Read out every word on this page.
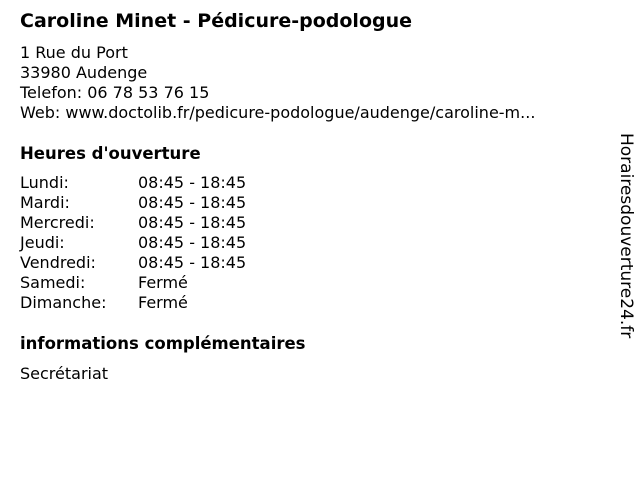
Caroline Minet - Pédicure-podologue
1 Rue du Port
33980 Audenge
Telefon: 06 78 53 76 15
Web: www.doctolib.fr/pedicure-podologue/audenge/caroline-m...
Heures d'ouverture
Lundi:	08:45 - 18:45
Mardi:	08:45 - 18:45
Mercredi:	08:45 - 18:45
Jeudi:	08:45 - 18:45
Vendredi:	08:45 - 18:45
Samedi:	Fermé
Dimanche: Fermé
informations complémentaires
Secrétariat
Horairesdouverture24.fr
